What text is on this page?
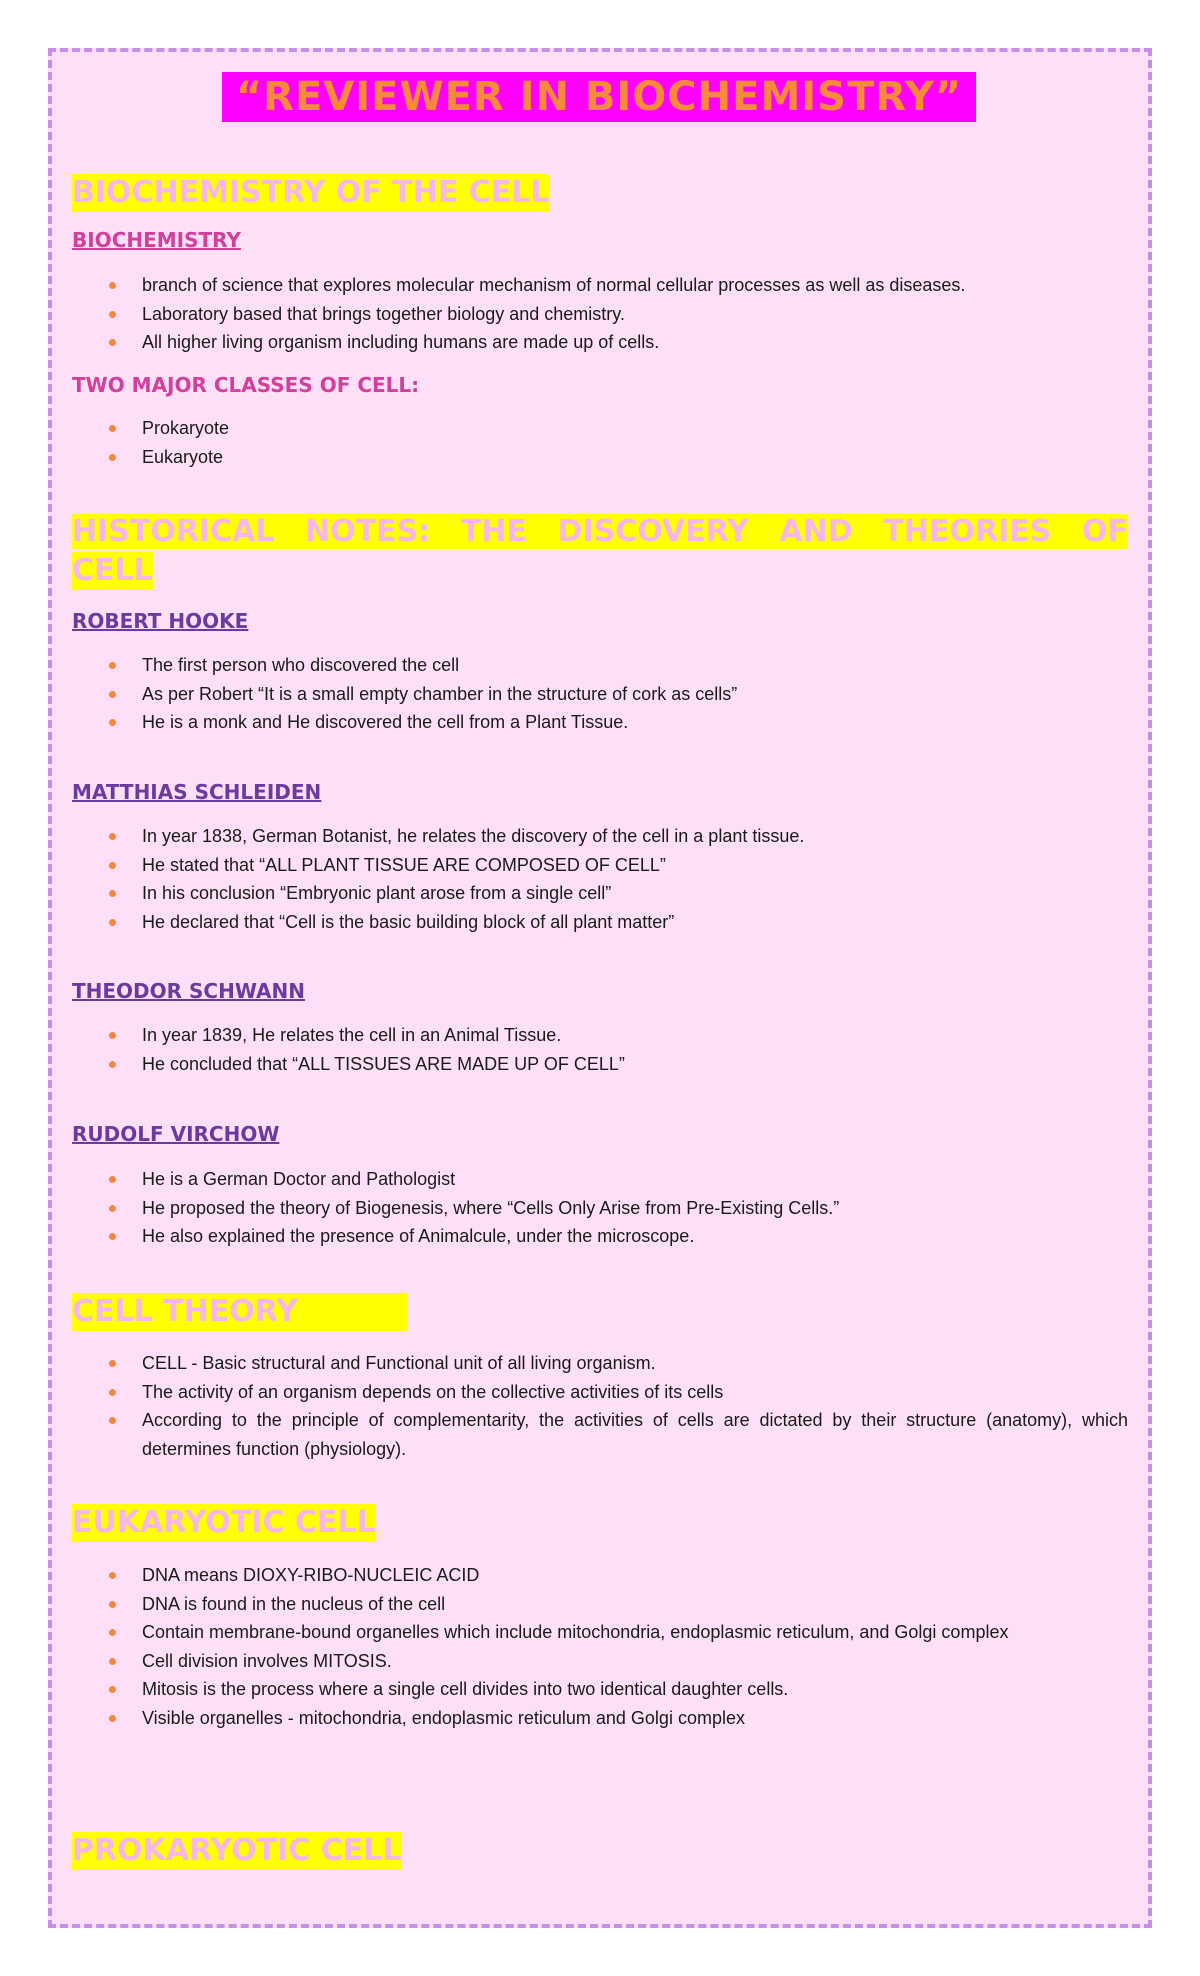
“REVIEWER IN BIOCHEMISTRY”
BIOCHEMISTRY OF THE CELL
BIOCHEMISTRY
branch of science that explores molecular mechanism of normal cellular processes as well as diseases.
Laboratory based that brings together biology and chemistry.
All higher living organism including humans are made up of cells.
TWO MAJOR CLASSES OF CELL:
Prokaryote
Eukaryote
HISTORICAL NOTES: THE DISCOVERY AND THEORIES OF
CELL
ROBERT HOOKE
The first person who discovered the cell
As per Robert “It is a small empty chamber in the structure of cork as cells”
He is a monk and He discovered the cell from a Plant Tissue.
MATTHIAS SCHLEIDEN
In year 1838, German Botanist, he relates the discovery of the cell in a plant tissue.
He stated that “ALL PLANT TISSUE ARE COMPOSED OF CELL”
In his conclusion “Embryonic plant arose from a single cell”
He declared that “Cell is the basic building block of all plant matter”
THEODOR SCHWANN
In year 1839, He relates the cell in an Animal Tissue.
He concluded that “ALL TISSUES ARE MADE UP OF CELL”
RUDOLF VIRCHOW
He is a German Doctor and Pathologist
He proposed the theory of Biogenesis, where “Cells Only Arise from Pre-Existing Cells.”
He also explained the presence of Animalcule, under the microscope.
CELL THEORY
CELL - Basic structural and Functional unit of all living organism.
The activity of an organism depends on the collective activities of its cells
According to the principle of complementarity, the activities of cells are dictated by their structure (anatomy), which determines function (physiology).
EUKARYOTIC CELL
DNA means DIOXY-RIBO-NUCLEIC ACID
DNA is found in the nucleus of the cell
Contain membrane-bound organelles which include mitochondria, endoplasmic reticulum, and Golgi complex
Cell division involves MITOSIS.
Mitosis is the process where a single cell divides into two identical daughter cells.
Visible organelles - mitochondria, endoplasmic reticulum and Golgi complex
PROKARYOTIC CELL
